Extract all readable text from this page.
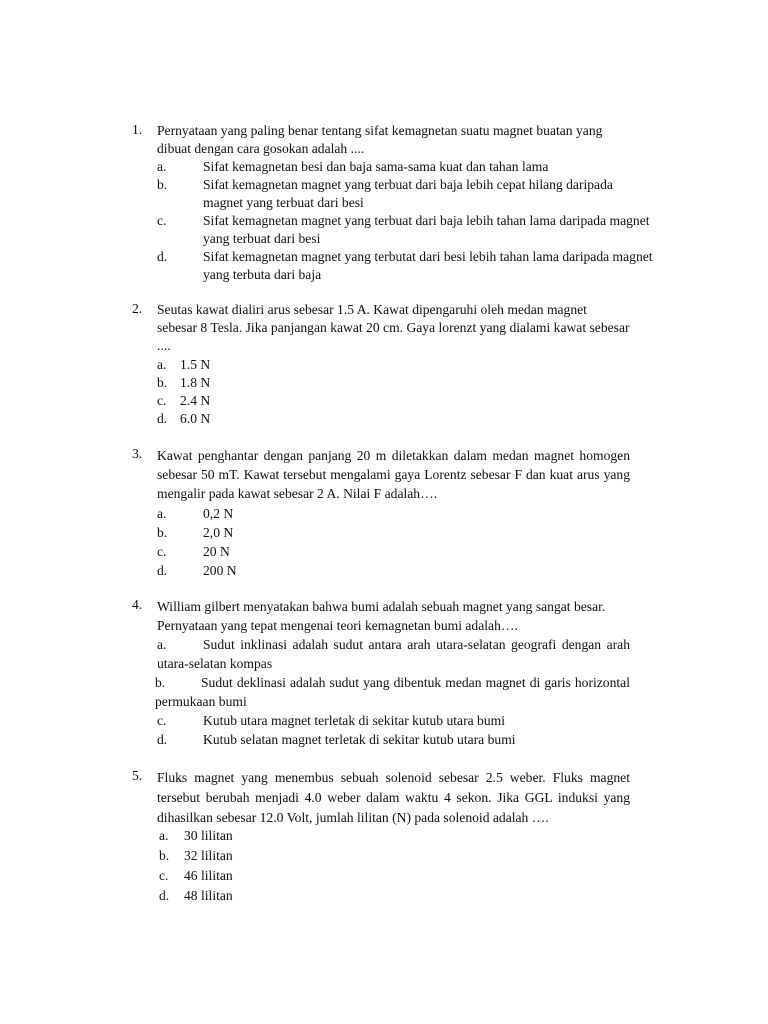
1. Pernyataan yang paling benar tentang sifat kemagnetan suatu magnet buatan yang dibuat dengan cara gosokan adalah ....
a.	Sifat kemagnetan besi dan baja sama-sama kuat dan tahan lama
b.	Sifat kemagnetan magnet yang terbuat dari baja lebih cepat hilang daripada magnet yang terbuat dari besi
c.	Sifat kemagnetan magnet yang terbuat dari baja lebih tahan lama daripada magnet yang terbuat dari besi
d.	Sifat kemagnetan magnet yang terbutat dari besi lebih tahan lama daripada magnet yang terbuta dari baja
2. Seutas kawat dialiri arus sebesar 1.5 A. Kawat dipengaruhi oleh medan magnet sebesar 8 Tesla. Jika panjangan kawat 20 cm. Gaya lorenzt yang dialami kawat sebesar ....
a. 1.5 N
b. 1.8 N
c. 2.4 N
d. 6.0 N
3. Kawat penghantar dengan panjang 20 m diletakkan dalam medan magnet homogen sebesar 50 mT. Kawat tersebut mengalami gaya Lorentz sebesar F dan kuat arus yang mengalir pada kawat sebesar 2 A. Nilai F adalah….
a.	0,2 N
b.	2,0 N
c.	20 N
d.	200 N
4. William gilbert menyatakan bahwa bumi adalah sebuah magnet yang sangat besar. Pernyataan yang tepat mengenai teori kemagnetan bumi adalah….
a.	Sudut inklinasi adalah sudut antara arah utara-selatan geografi dengan arah utara-selatan kompas
b.	Sudut deklinasi adalah sudut yang dibentuk medan magnet di garis horizontal permukaan bumi
c.	Kutub utara magnet terletak di sekitar kutub utara bumi
d.	Kutub selatan magnet terletak di sekitar kutub utara bumi
5. Fluks magnet yang menembus sebuah solenoid sebesar 2.5 weber. Fluks magnet tersebut berubah menjadi 4.0 weber dalam waktu 4 sekon. Jika GGL induksi yang dihasilkan sebesar 12.0 Volt, jumlah lilitan (N) pada solenoid adalah ….
a. 30 lilitan
b. 32 lilitan
c. 46 lilitan
d. 48 lilitan
